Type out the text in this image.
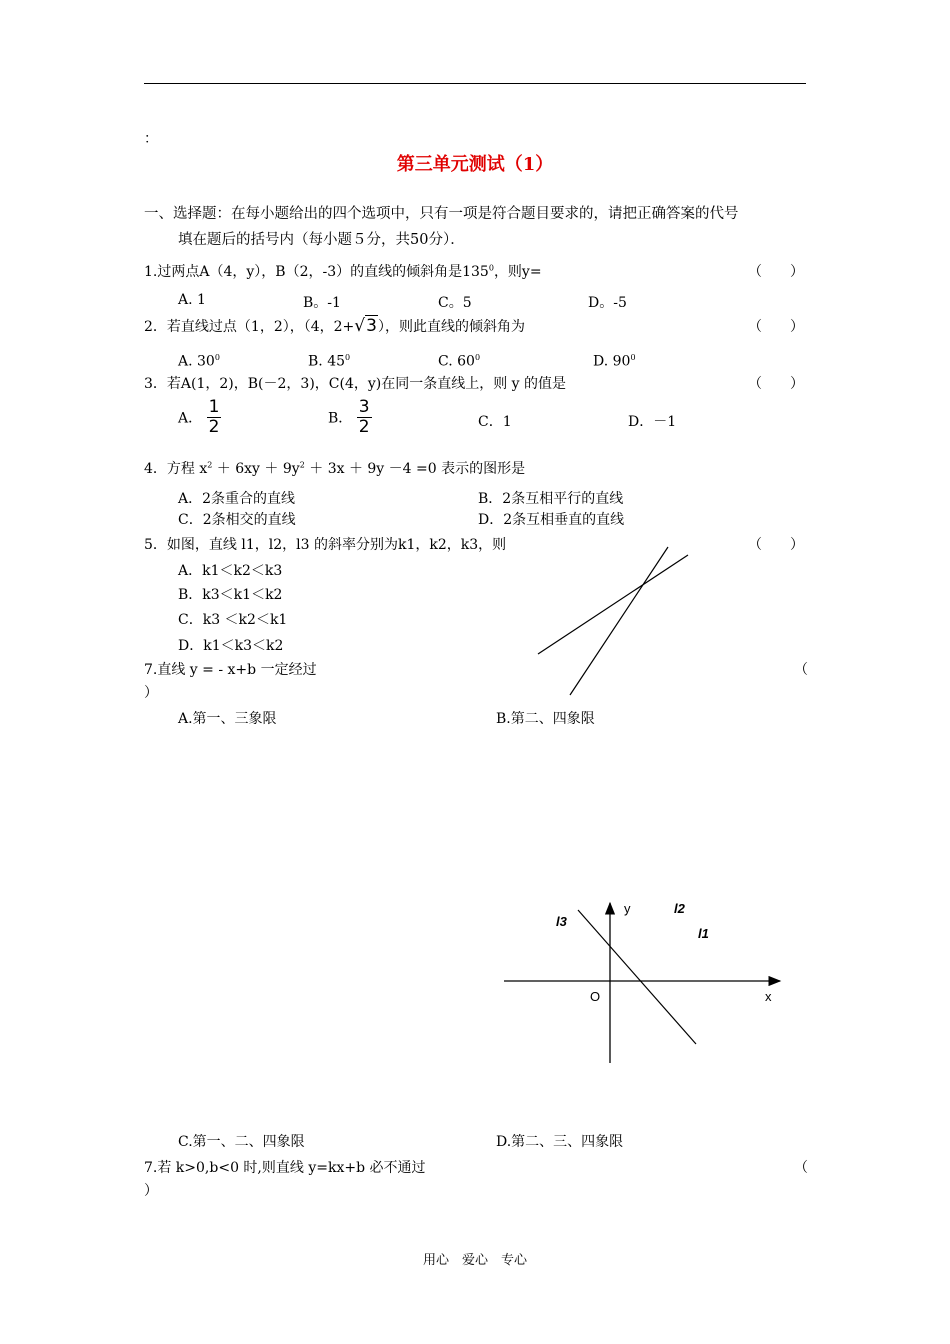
：
第三单元测试（1）
一、选择题：在每小题给出的四个选项中，只有一项是符合题目要求的，请把正确答案的代号
填在题后的括号内（每小题５分，共50分）．
1.过两点A（4，y），B（2，-3）的直线的倾斜角是$135^0$，则y=	（　　）
A. 1	B。-1	C。5	D。-5
2．若直线过点（1，2），（4，2+√3），则此直线的倾斜角为	（　　）
A. $30^0$	B. $45^0$	C. $60^0$	D. $90^0$
3．若A(1，2)，B(－2，3)，C(4，y)在同一条直线上，则 y 的值是	（　　）
A． $\frac{1}{2}$	B． $\frac{3}{2}$	C．1	D．－1
4．方程 $x^2 + 6xy + 9y^2 + 3x + 9y -4 =0$ 表示的图形是
A．2条重合的直线	B．2条互相平行的直线
C．2条相交的直线	D．2条互相垂直的直线
5．如图，直线 l1，l2，l3 的斜率分别为k1，k2，k3，则	（　　）
A．k1＜k2＜k3
B．k3＜k1＜k2
C．k3 ＜k2＜k1
D．k1＜k3＜k2
7.直线 y = - x+b 一定经过	（
）
A.第一、三象限	B.第二、四象限
y
x
O
l3
l2
l1
C.第一、二、四象限	D.第二、三、四象限
7.若 k>0,b<0 时,则直线 y=kx+b 必不通过	（
）
用心　爱心　专心
